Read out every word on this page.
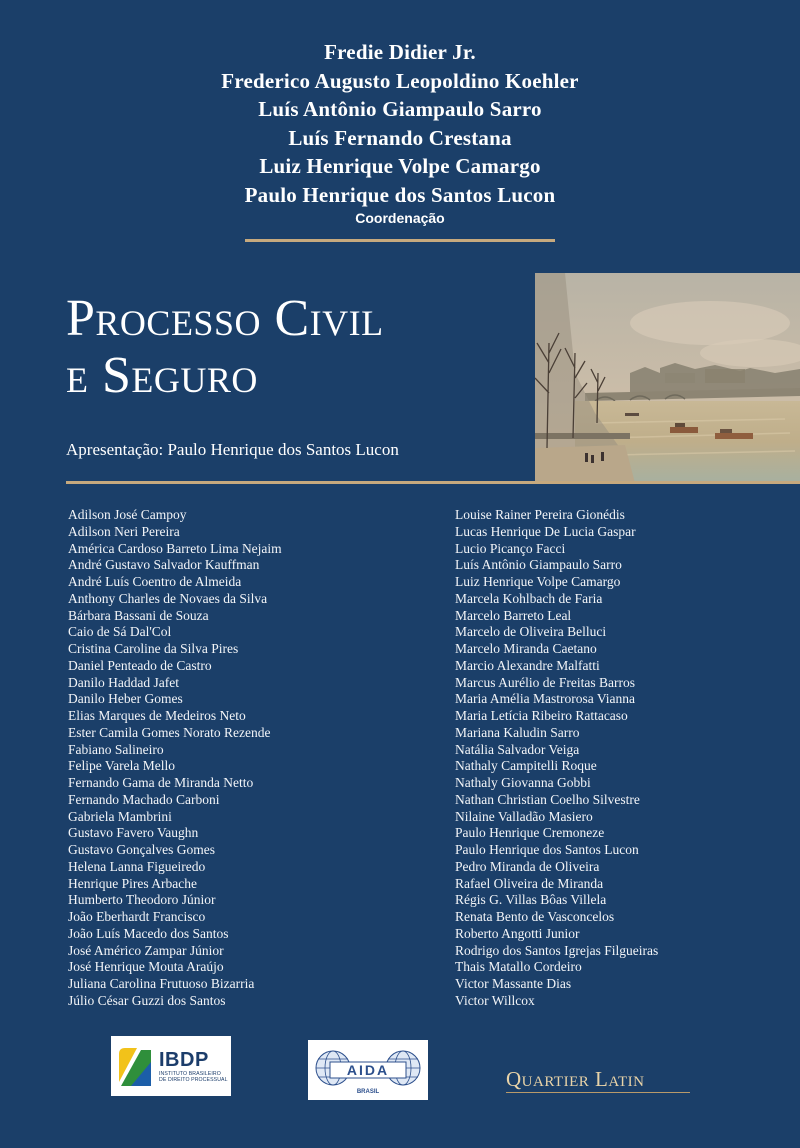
Fredie Didier Jr.
Frederico Augusto Leopoldino Koehler
Luís Antônio Giampaulo Sarro
Luís Fernando Crestana
Luiz Henrique Volpe Camargo
Paulo Henrique dos Santos Lucon
Coordenação
Processo Civil
e Seguro
Apresentação: Paulo Henrique dos Santos Lucon
Adilson José Campoy
Adilson Neri Pereira
América Cardoso Barreto Lima Nejaim
André Gustavo Salvador Kauffman
André Luís Coentro de Almeida
Anthony Charles de Novaes da Silva
Bárbara Bassani de Souza
Caio de Sá Dal'Col
Cristina Caroline da Silva Pires
Daniel Penteado de Castro
Danilo Haddad Jafet
Danilo Heber Gomes
Elias Marques de Medeiros Neto
Ester Camila Gomes Norato Rezende
Fabiano Salineiro
Felipe Varela Mello
Fernando Gama de Miranda Netto
Fernando Machado Carboni
Gabriela Mambrini
Gustavo Favero Vaughn
Gustavo Gonçalves Gomes
Helena Lanna Figueiredo
Henrique Pires Arbache
Humberto Theodoro Júnior
João Eberhardt Francisco
João Luís Macedo dos Santos
José Américo Zampar Júnior
José Henrique Mouta Araújo
Juliana Carolina Frutuoso Bizarria
Júlio César Guzzi dos Santos
Louise Rainer Pereira Gionédis
Lucas Henrique De Lucia Gaspar
Lucio Picanço Facci
Luís Antônio Giampaulo Sarro
Luiz Henrique Volpe Camargo
Marcela Kohlbach de Faria
Marcelo Barreto Leal
Marcelo de Oliveira Belluci
Marcelo Miranda Caetano
Marcio Alexandre Malfatti
Marcus Aurélio de Freitas Barros
Maria Amélia Mastrorosa Vianna
Maria Letícia Ribeiro Rattacaso
Mariana Kaludin Sarro
Natália Salvador Veiga
Nathaly Campitelli Roque
Nathaly Giovanna Gobbi
Nathan Christian Coelho Silvestre
Nilaine Valladão Masiero
Paulo Henrique Cremoneze
Paulo Henrique dos Santos Lucon
Pedro Miranda de Oliveira
Rafael Oliveira de Miranda
Régis G. Villas Bôas Villela
Renata Bento de Vasconcelos
Roberto Angotti Junior
Rodrigo dos Santos Igrejas Filgueiras
Thais Matallo Cordeiro
Victor Massante Dias
Victor Willcox
IBDP
INSTITUTO BRASILEIRO
DE DIREITO PROCESSUAL
AIDA
BRASIL
Quartier Latin
